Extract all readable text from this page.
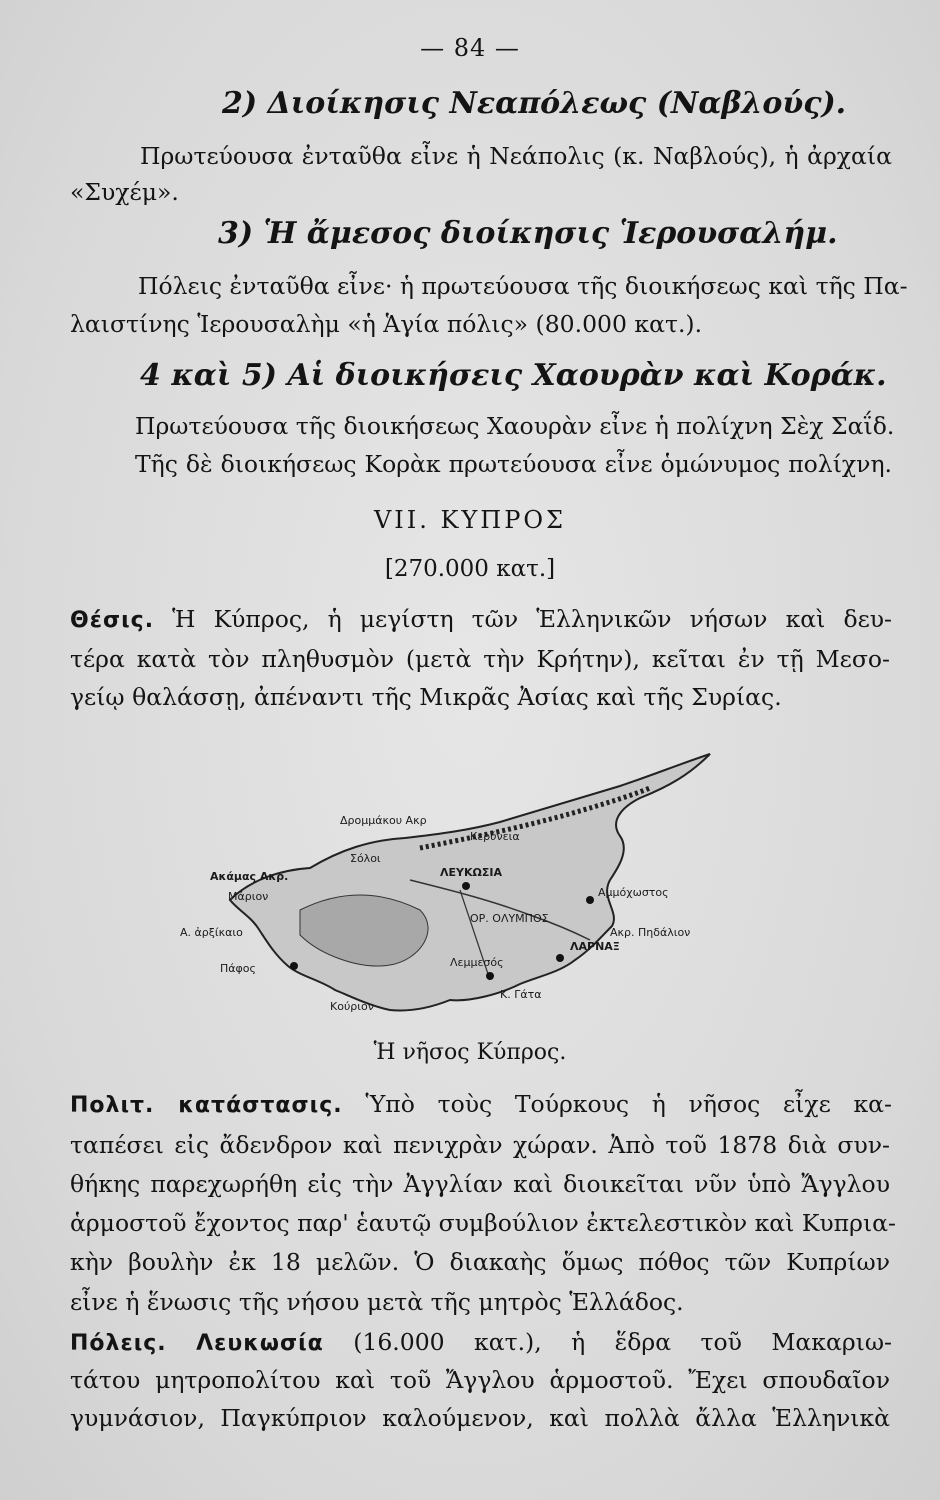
— 84 —
2) Διοίκησις Νεαπόλεως (Ναβλούς).
Πρωτεύουσα ἐνταῦθα εἶνε ἡ Νεάπολις (κ. Ναβλούς), ἡ ἀρχαία
«Συχέμ».
3) Ἡ ἄμεσος διοίκησις Ἱερουσαλήμ.
Πόλεις ἐνταῦθα εἶνε· ἡ πρωτεύουσα τῆς διοικήσεως καὶ τῆς Πα-
λαιστίνης Ἱερουσαλὴμ «ἡ Ἁγία πόλις» (80.000 κατ.).
4 καὶ 5) Αἱ διοικήσεις Χαουρὰν καὶ Κοράκ.
Πρωτεύουσα τῆς διοικήσεως Χαουρὰν εἶνε ἡ πολίχνη Σὲχ Σαΐδ.
Τῆς δὲ διοικήσεως Κορὰκ πρωτεύουσα εἶνε ὁμώνυμος πολίχνη.
VII. ΚΥΠΡΟΣ
[270.000 κατ.]
Θέσις. Ἡ Κύπρος, ἡ μεγίστη τῶν Ἑλληνικῶν νήσων καὶ δευ-
τέρα κατὰ τὸν πληθυσμὸν (μετὰ τὴν Κρήτην), κεῖται ἐν τῇ Μεσο-
γείῳ θαλάσσῃ, ἀπέναντι τῆς Μικρᾶς Ἀσίας καὶ τῆς Συρίας.
Δρομμάκου Ακρ
Σόλοι
ΛΕΥΚΩΣΙΑ
Ακάμας Ακρ.
Μάριον
Α. ἀρξίκαιο
Πάφος
ΟΡ. ΟΛΥΜΠΟΣ
Λεμμεσός
ΛΑΡΝΑΞ
Κούριον
Ακρ. Πηδάλιον
Κ. Γάτα
Αμμόχωστος
Κερύνεια
Ἡ νῆσος Κύπρος.
Πολιτ. κατάστασις. Ὑπὸ τοὺς Τούρκους ἡ νῆσος εἶχε κα-
ταπέσει εἰς ἄδενδρον καὶ πενιχρὰν χώραν. Ἀπὸ τοῦ 1878 διὰ συν-
θήκης παρεχωρήθη εἰς τὴν Ἀγγλίαν καὶ διοικεῖται νῦν ὑπὸ Ἄγγλου
ἁρμοστοῦ ἔχοντος παρ' ἑαυτῷ συμβούλιον ἐκτελεστικὸν καὶ Κυπρια-
κὴν βουλὴν ἐκ 18 μελῶν. Ὁ διακαὴς ὅμως πόθος τῶν Κυπρίων
εἶνε ἡ ἕνωσις τῆς νήσου μετὰ τῆς μητρὸς Ἑλλάδος.
Πόλεις. Λευκωσία (16.000 κατ.), ἡ ἕδρα τοῦ Μακαριω-
τάτου μητροπολίτου καὶ τοῦ Ἄγγλου ἁρμοστοῦ. Ἔχει σπουδαῖον
γυμνάσιον, Παγκύπριον καλούμενον, καὶ πολλὰ ἄλλα Ἑλληνικὰ
